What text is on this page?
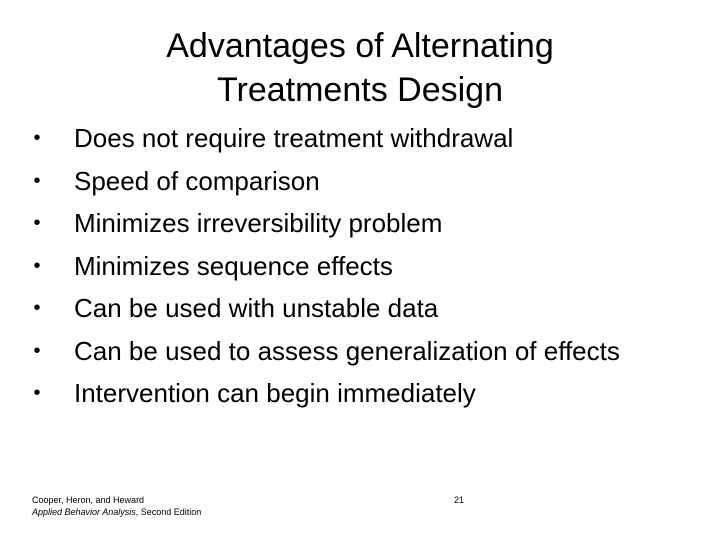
Advantages of Alternating
Treatments Design
• Does not require treatment withdrawal
• Speed of comparison
• Minimizes irreversibility problem
• Minimizes sequence effects
• Can be used with unstable data
• Can be used to assess generalization of effects
• Intervention can begin immediately
Cooper, Heron, and Heward
Applied Behavior Analysis, Second Edition
21
